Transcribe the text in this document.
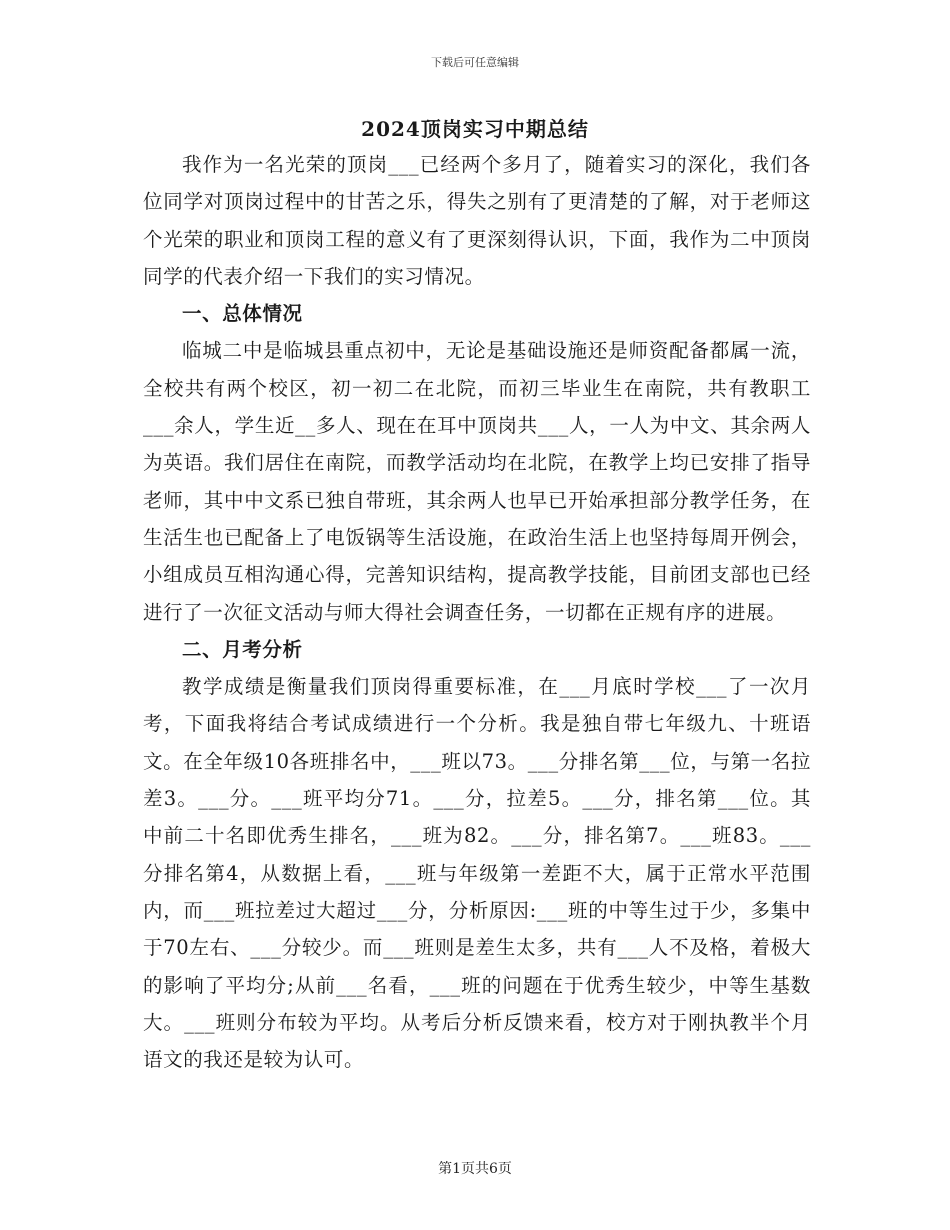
下载后可任意编辑
2024顶岗实习中期总结

我作为一名光荣的顶岗___已经两个多月了，随着实习的深化，我们各位同学对顶岗过程中的甘苦之乐，得失之别有了更清楚的了解，对于老师这个光荣的职业和顶岗工程的意义有了更深刻得认识，下面，我作为二中顶岗同学的代表介绍一下我们的实习情况。

一、总体情况

临城二中是临城县重点初中，无论是基础设施还是师资配备都属一流，全校共有两个校区，初一初二在北院，而初三毕业生在南院，共有教职工___余人，学生近__多人、现在在耳中顶岗共___人，一人为中文、其余两人为英语。我们居住在南院，而教学活动均在北院，在教学上均已安排了指导老师，其中中文系已独自带班，其余两人也早已开始承担部分教学任务，在生活生也已配备上了电饭锅等生活设施，在政治生活上也坚持每周开例会，小组成员互相沟通心得，完善知识结构，提高教学技能，目前团支部也已经进行了一次征文活动与师大得社会调查任务，一切都在正规有序的进展。

二、月考分析

教学成绩是衡量我们顶岗得重要标准，在___月底时学校___了一次月考，下面我将结合考试成绩进行一个分析。我是独自带七年级九、十班语文。在全年级10各班排名中，___班以73。___分排名第___位，与第一名拉差3。___分。___班平均分71。___分，拉差5。___分，排名第___位。其中前二十名即优秀生排名，___班为82。___分，排名第7。___班83。___分排名第4，从数据上看，___班与年级第一差距不大，属于正常水平范围内，而___班拉差过大超过___分，分析原因:___班的中等生过于少，多集中于70左右、___分较少。而___班则是差生太多，共有___人不及格，着极大的影响了平均分;从前___名看，___班的问题在于优秀生较少，中等生基数大。___班则分布较为平均。从考后分析反馈来看，校方对于刚执教半个月语文的我还是较为认可。

第1页共6页
